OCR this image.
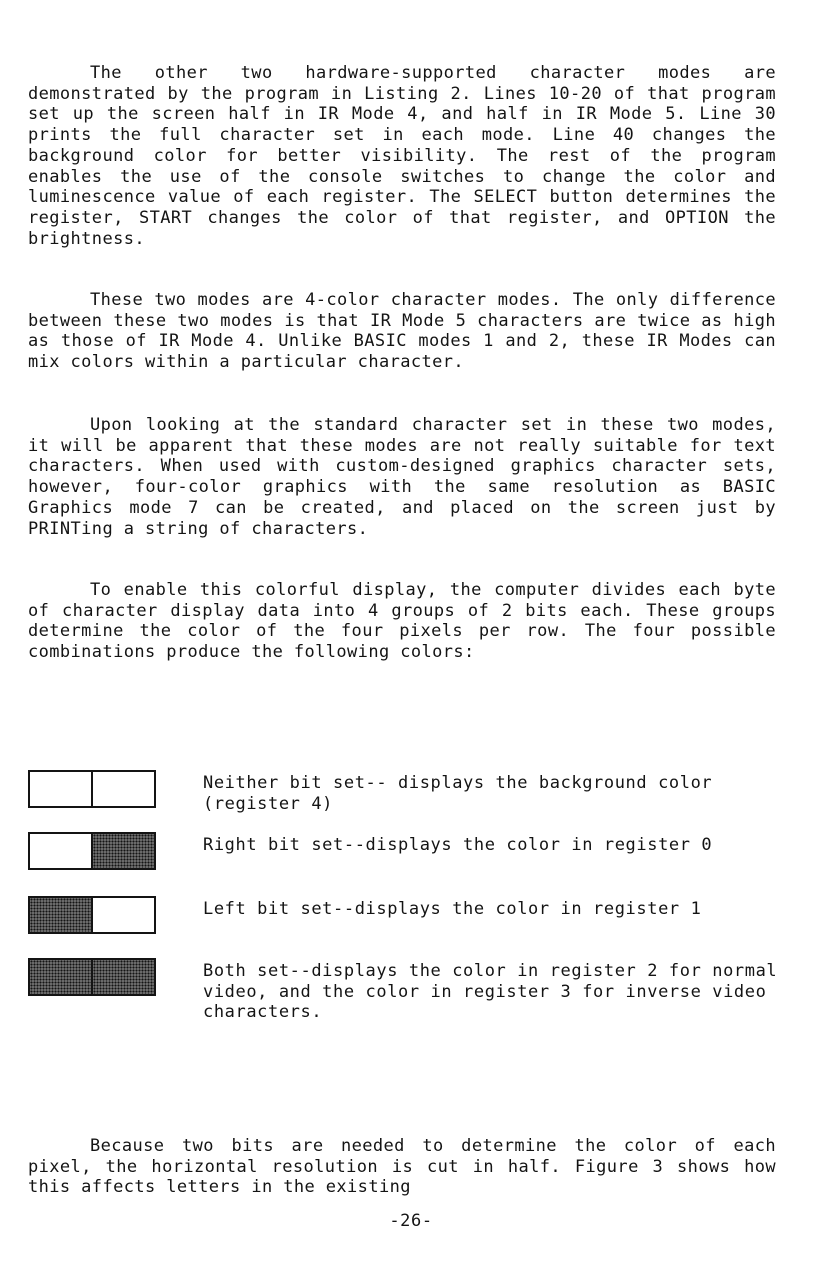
The other two hardware-supported character modes are demonstrated by the program in Listing 2. Lines 10-20 of that program set up the screen half in IR Mode 4, and half in IR Mode 5. Line 30 prints the full character set in each mode. Line 40 changes the background color for better visibility. The rest of the program enables the use of the console switches to change the color and luminescence value of each register. The SELECT button determines the register, START changes the color of that register, and OPTION the brightness.

These two modes are 4-color character modes. The only difference between these two modes is that IR Mode 5 characters are twice as high as those of IR Mode 4. Unlike BASIC modes 1 and 2, these IR Modes can mix colors within a particular character.

Upon looking at the standard character set in these two modes, it will be apparent that these modes are not really suitable for text characters. When used with custom-designed graphics character sets, however, four-color graphics with the same resolution as BASIC Graphics mode 7 can be created, and placed on the screen just by PRINTing a string of characters.

To enable this colorful display, the computer divides each byte of character display data into 4 groups of 2 bits each. These groups determine the color of the four pixels per row. The four possible combinations produce the following colors:

Neither bit set-- displays the background color (register 4)

Right bit set--displays the color in register 0

Left bit set--displays the color in register 1

Both set--displays the color in register 2 for normal video, and the color in register 3 for inverse video characters.

Because two bits are needed to determine the color of each pixel, the horizontal resolution is cut in half. Figure 3 shows how this affects letters in the existing

-26-
